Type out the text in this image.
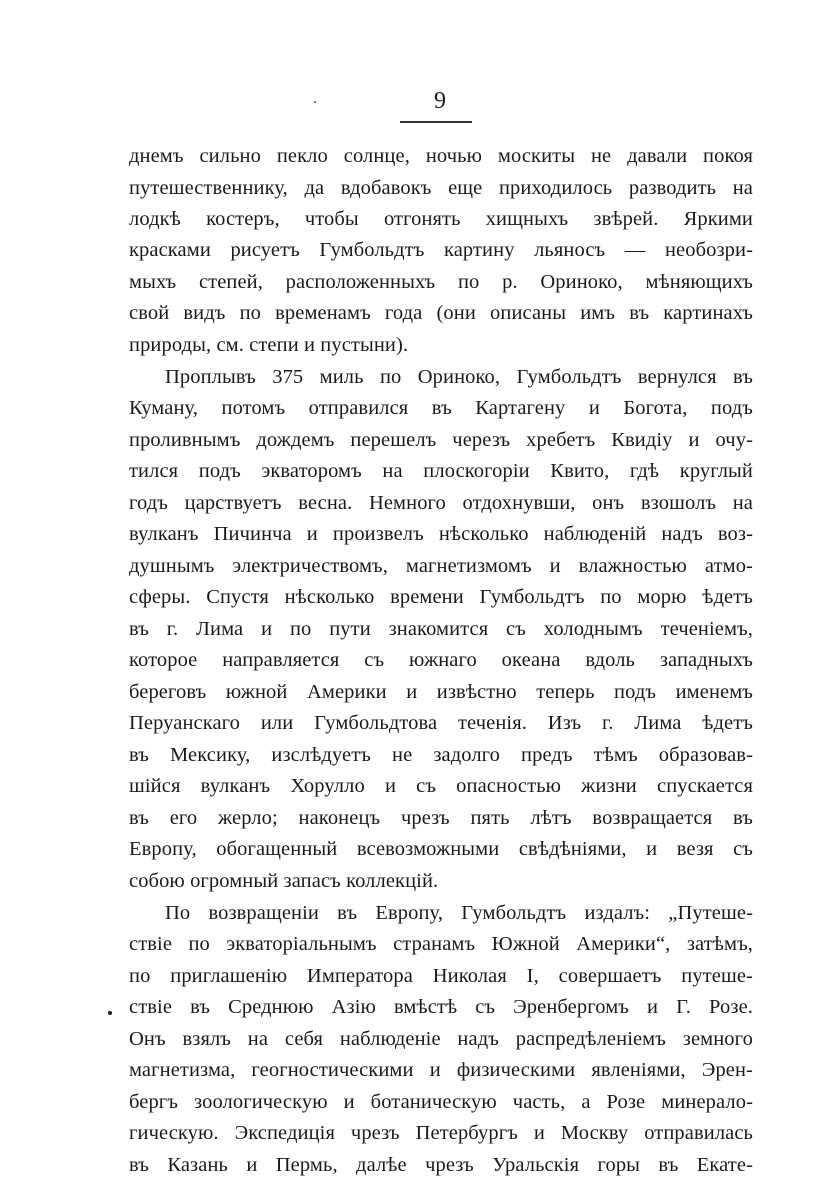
9
днемъ сильно пекло солнце, ночью москиты не давали покоя
путешественнику, да вдобавокъ еще приходилось разводить на
лодкѣ костеръ, чтобы отгонять хищныхъ звѣрей. Яркими
красками рисуетъ Гумбольдтъ картину льяносъ — необозри-
мыхъ степей, расположенныхъ по р. Ориноко, мѣняющихъ
свой видъ по временамъ года (они описаны имъ въ картинахъ
природы, см. степи и пустыни).
Проплывъ 375 миль по Ориноко, Гумбольдтъ вернулся въ
Куману, потомъ отправился въ Картагену и Богота, подъ
проливнымъ дождемъ перешелъ черезъ хребетъ Квидiу и очу-
тился подъ экваторомъ на плоскогорiи Квито, гдѣ круглый
годъ царствуетъ весна. Немного отдохнувши, онъ взошолъ на
вулканъ Пичинча и произвелъ нѣсколько наблюденiй надъ воз-
душнымъ электричествомъ, магнетизмомъ и влажностью атмо-
сферы. Спустя нѣсколько времени Гумбольдтъ по морю ѣдетъ
въ г. Лима и по пути знакомится съ холоднымъ теченiемъ,
которое направляется съ южнаго океана вдоль западныхъ
береговъ южной Америки и извѣстно теперь подъ именемъ
Перуанскаго или Гумбольдтова теченiя. Изъ г. Лима ѣдетъ
въ Мексику, изслѣдуетъ не задолго предъ тѣмъ образовав-
шiйся вулканъ Хорулло и съ опасностью жизни спускается
въ его жерло; наконецъ чрезъ пять лѣтъ возвращается въ
Европу, обогащенный всевозможными свѣдѣнiями, и везя съ
собою огромный запасъ коллекцiй.
По возвращенiи въ Европу, Гумбольдтъ издалъ: „Путеше-
ствiе по экваторiальнымъ странамъ Южной Америки“, затѣмъ,
по приглашенiю Императора Николая I, совершаетъ путеше-
ствiе въ Среднюю Азiю вмѣстѣ съ Эренбергомъ и Г. Розе.
Онъ взялъ на себя наблюденiе надъ распредѣленiемъ земного
магнетизма, геогностическими и физическими явленiями, Эрен-
бергъ зоологическую и ботаническую часть, а Розе минерало-
гическую. Экспедицiя чрезъ Петербургъ и Москву отправилась
въ Казань и Пермь, далѣе чрезъ Уральскiя горы въ Екате-
